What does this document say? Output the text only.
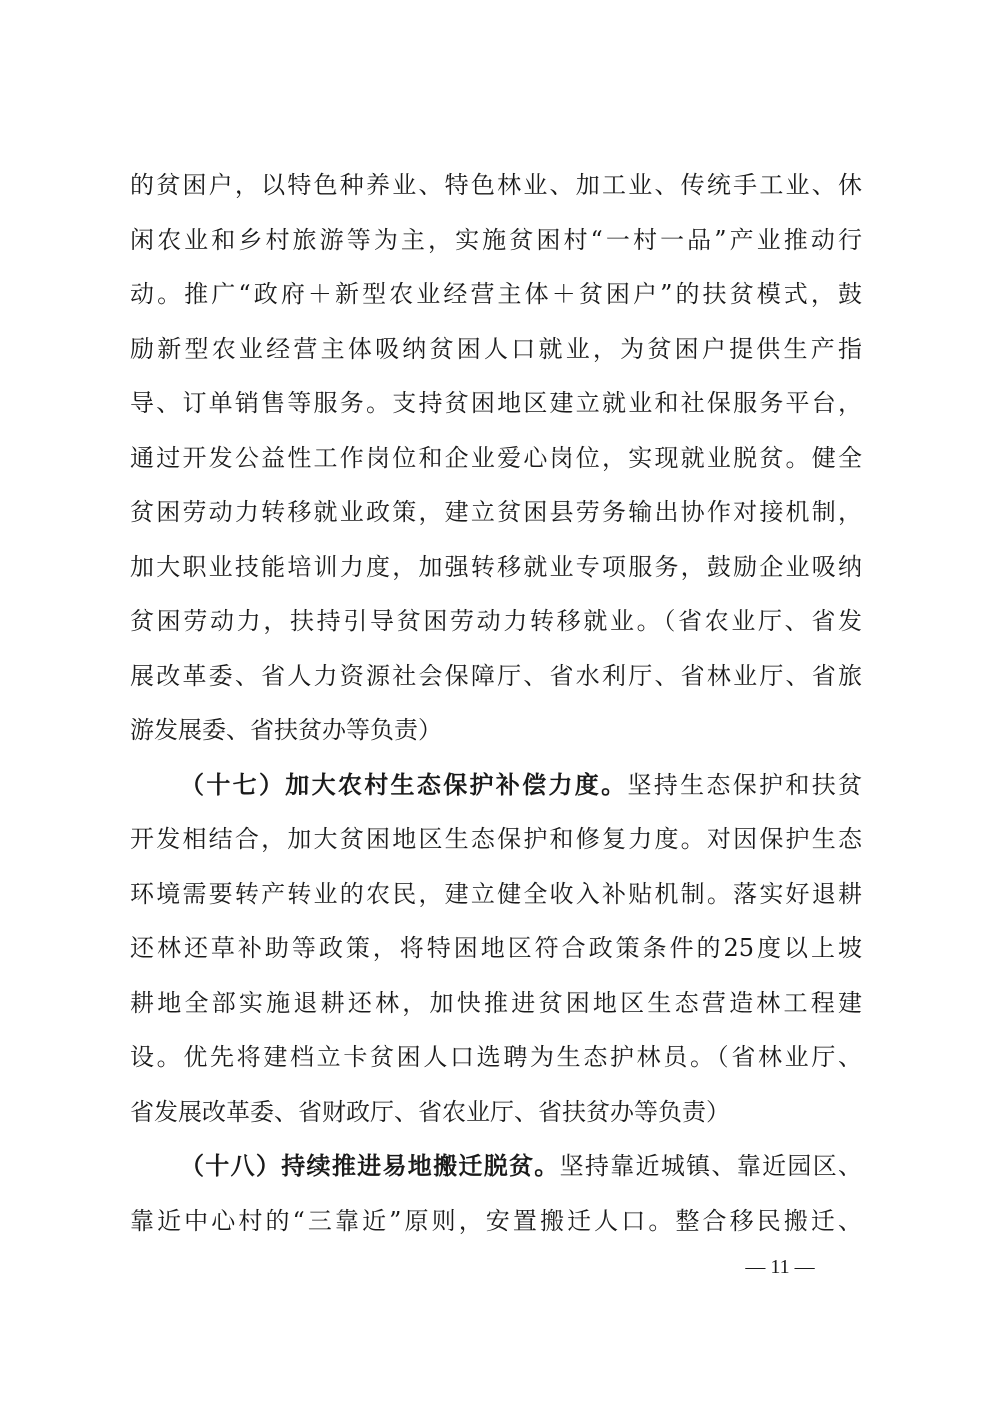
的贫困户，以特色种养业、特色林业、加工业、传统手工业、休
闲农业和乡村旅游等为主，实施贫困村“一村一品”产业推动行
动。推广“政府＋新型农业经营主体＋贫困户”的扶贫模式，鼓
励新型农业经营主体吸纳贫困人口就业，为贫困户提供生产指
导、订单销售等服务。支持贫困地区建立就业和社保服务平台，
通过开发公益性工作岗位和企业爱心岗位，实现就业脱贫。健全
贫困劳动力转移就业政策，建立贫困县劳务输出协作对接机制，
加大职业技能培训力度，加强转移就业专项服务，鼓励企业吸纳
贫困劳动力，扶持引导贫困劳动力转移就业。（省农业厅、省发
展改革委、省人力资源社会保障厅、省水利厅、省林业厅、省旅
游发展委、省扶贫办等负责）
（十七）加大农村生态保护补偿力度。坚持生态保护和扶贫
开发相结合，加大贫困地区生态保护和修复力度。对因保护生态
环境需要转产转业的农民，建立健全收入补贴机制。落实好退耕
还林还草补助等政策，将特困地区符合政策条件的25度以上坡
耕地全部实施退耕还林，加快推进贫困地区生态营造林工程建
设。优先将建档立卡贫困人口选聘为生态护林员。（省林业厅、
省发展改革委、省财政厅、省农业厅、省扶贫办等负责）
（十八）持续推进易地搬迁脱贫。坚持靠近城镇、靠近园区、
靠近中心村的“三靠近”原则，安置搬迁人口。整合移民搬迁、
— 11 —
